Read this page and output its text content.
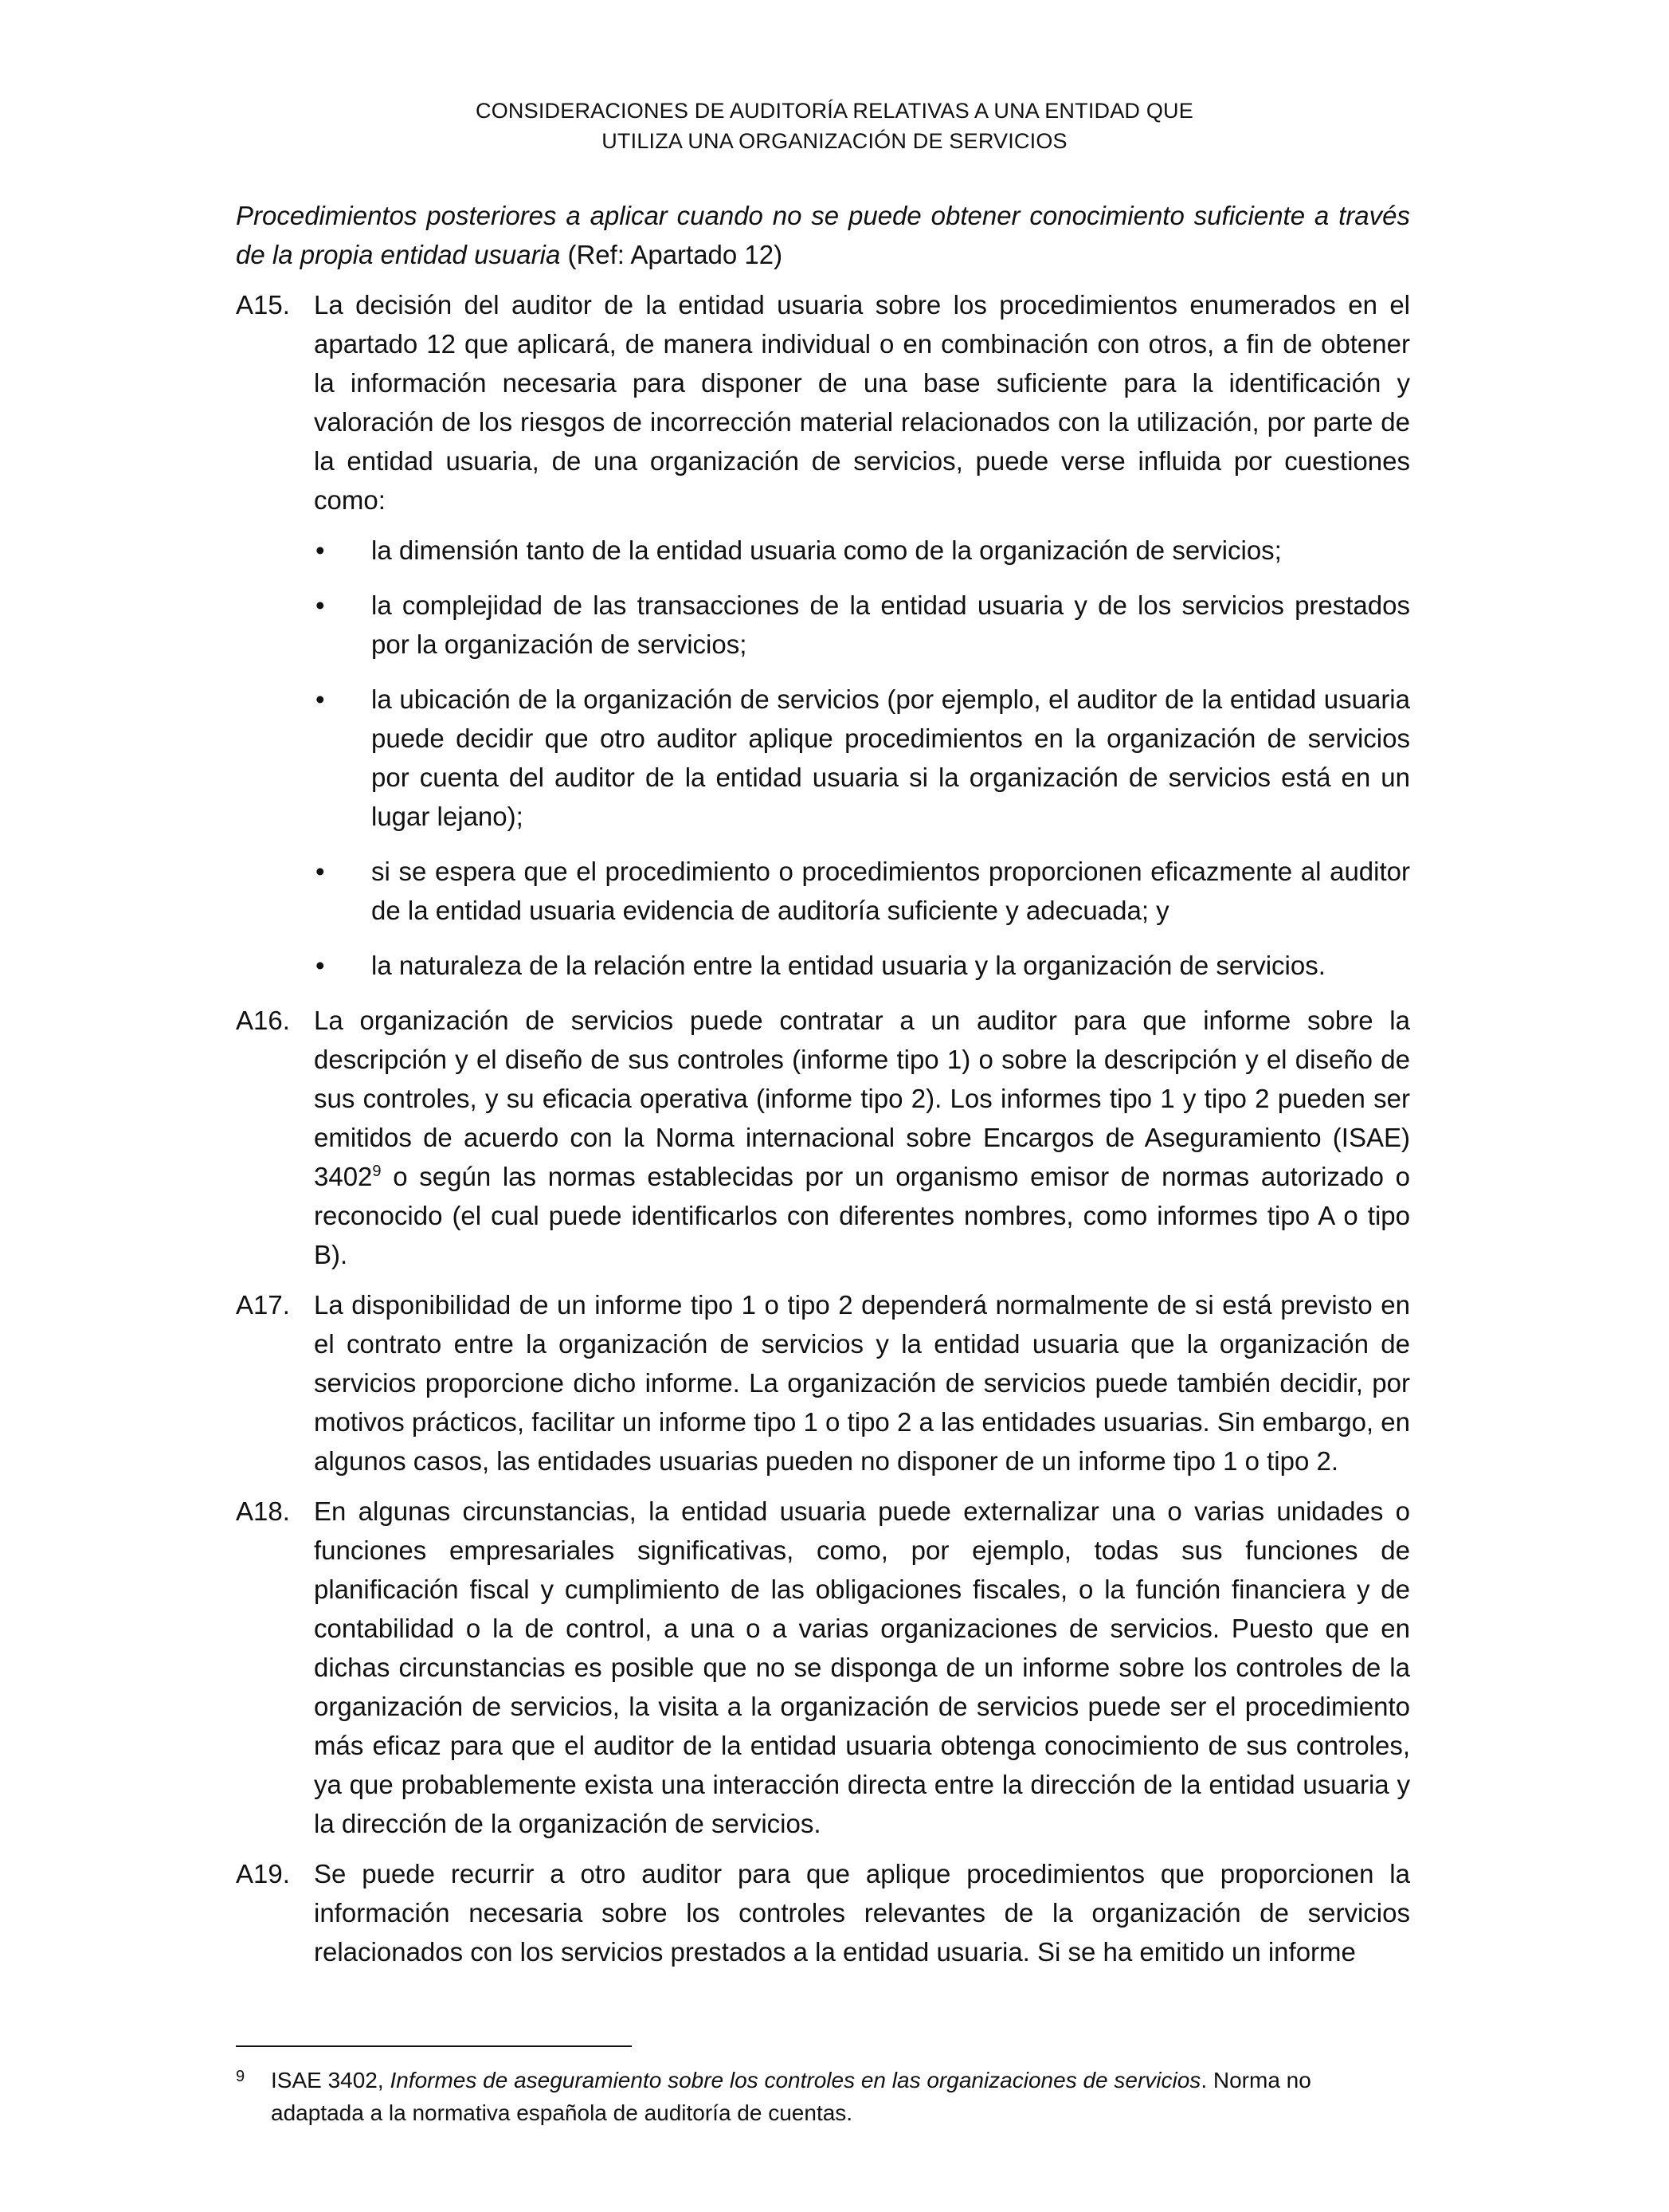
CONSIDERACIONES DE AUDITORÍA RELATIVAS A UNA ENTIDAD QUE
UTILIZA UNA ORGANIZACIÓN DE SERVICIOS

Procedimientos posteriores a aplicar cuando no se puede obtener conocimiento suficiente a través de la propia entidad usuaria (Ref: Apartado 12)

A15. La decisión del auditor de la entidad usuaria sobre los procedimientos enumerados en el apartado 12 que aplicará, de manera individual o en combinación con otros, a fin de obtener la información necesaria para disponer de una base suficiente para la identificación y valoración de los riesgos de incorrección material relacionados con la utilización, por parte de la entidad usuaria, de una organización de servicios, puede verse influida por cuestiones como:

• la dimensión tanto de la entidad usuaria como de la organización de servicios;
• la complejidad de las transacciones de la entidad usuaria y de los servicios prestados por la organización de servicios;
• la ubicación de la organización de servicios (por ejemplo, el auditor de la entidad usuaria puede decidir que otro auditor aplique procedimientos en la organización de servicios por cuenta del auditor de la entidad usuaria si la organización de servicios está en un lugar lejano);
• si se espera que el procedimiento o procedimientos proporcionen eficazmente al auditor de la entidad usuaria evidencia de auditoría suficiente y adecuada; y
• la naturaleza de la relación entre la entidad usuaria y la organización de servicios.
A16. La organización de servicios puede contratar a un auditor para que informe sobre la descripción y el diseño de sus controles (informe tipo 1) o sobre la descripción y el diseño de sus controles, y su eficacia operativa (informe tipo 2). Los informes tipo 1 y tipo 2 pueden ser emitidos de acuerdo con la Norma internacional sobre Encargos de Aseguramiento (ISAE) 3402$^9$ o según las normas establecidas por un organismo emisor de normas autorizado o reconocido (el cual puede identificarlos con diferentes nombres, como informes tipo A o tipo B).

A17. La disponibilidad de un informe tipo 1 o tipo 2 dependerá normalmente de si está previsto en el contrato entre la organización de servicios y la entidad usuaria que la organización de servicios proporcione dicho informe. La organización de servicios puede también decidir, por motivos prácticos, facilitar un informe tipo 1 o tipo 2 a las entidades usuarias. Sin embargo, en algunos casos, las entidades usuarias pueden no disponer de un informe tipo 1 o tipo 2.

A18. En algunas circunstancias, la entidad usuaria puede externalizar una o varias unidades o funciones empresariales significativas, como, por ejemplo, todas sus funciones de planificación fiscal y cumplimiento de las obligaciones fiscales, o la función financiera y de contabilidad o la de control, a una o a varias organizaciones de servicios. Puesto que en dichas circunstancias es posible que no se disponga de un informe sobre los controles de la organización de servicios, la visita a la organización de servicios puede ser el procedimiento más eficaz para que el auditor de la entidad usuaria obtenga conocimiento de sus controles, ya que probablemente exista una interacción directa entre la dirección de la entidad usuaria y la dirección de la organización de servicios.

A19. Se puede recurrir a otro auditor para que aplique procedimientos que proporcionen la información necesaria sobre los controles relevantes de la organización de servicios relacionados con los servicios prestados a la entidad usuaria. Si se ha emitido un informe

9	ISAE 3402, Informes de aseguramiento sobre los controles en las organizaciones de servicios. Norma no adaptada a la normativa española de auditoría de cuentas.
